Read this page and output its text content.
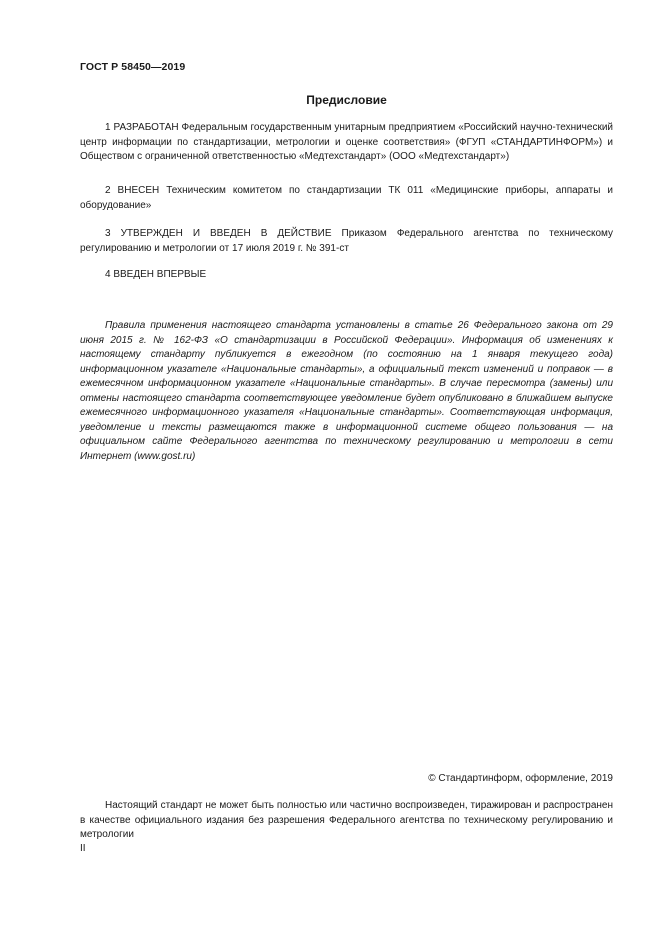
ГОСТ Р 58450—2019
Предисловие

1 РАЗРАБОТАН Федеральным государственным унитарным предприятием «Российский научно-технический центр информации по стандартизации, метрологии и оценке соответствия» (ФГУП «СТАНДАРТИНФОРМ») и Обществом с ограниченной ответственностью «Медтехстандарт» (ООО «Медтехстандарт»)

2 ВНЕСЕН Техническим комитетом по стандартизации ТК 011 «Медицинские приборы, аппараты и оборудование»

3 УТВЕРЖДЕН И ВВЕДЕН В ДЕЙСТВИЕ Приказом Федерального агентства по техническому регулированию и метрологии от 17 июля 2019 г. № 391-ст

4 ВВЕДЕН ВПЕРВЫЕ

Правила применения настоящего стандарта установлены в статье 26 Федерального закона от 29 июня 2015 г. № 162-ФЗ «О стандартизации в Российской Федерации». Информация об изменениях к настоящему стандарту публикуется в ежегодном (по состоянию на 1 января текущего года) информационном указателе «Национальные стандарты», а официальный текст изменений и поправок — в ежемесячном информационном указателе «Национальные стандарты». В случае пересмотра (замены) или отмены настоящего стандарта соответствующее уведомление будет опубликовано в ближайшем выпуске ежемесячного информационного указателя «Национальные стандарты». Соответствующая информация, уведомление и тексты размещаются также в информационной системе общего пользования — на официальном сайте Федерального агентства по техническому регулированию и метрологии в сети Интернет (www.gost.ru)

© Стандартинформ, оформление, 2019

Настоящий стандарт не может быть полностью или частично воспроизведен, тиражирован и распространен в качестве официального издания без разрешения Федерального агентства по техническому регулированию и метрологии

II
